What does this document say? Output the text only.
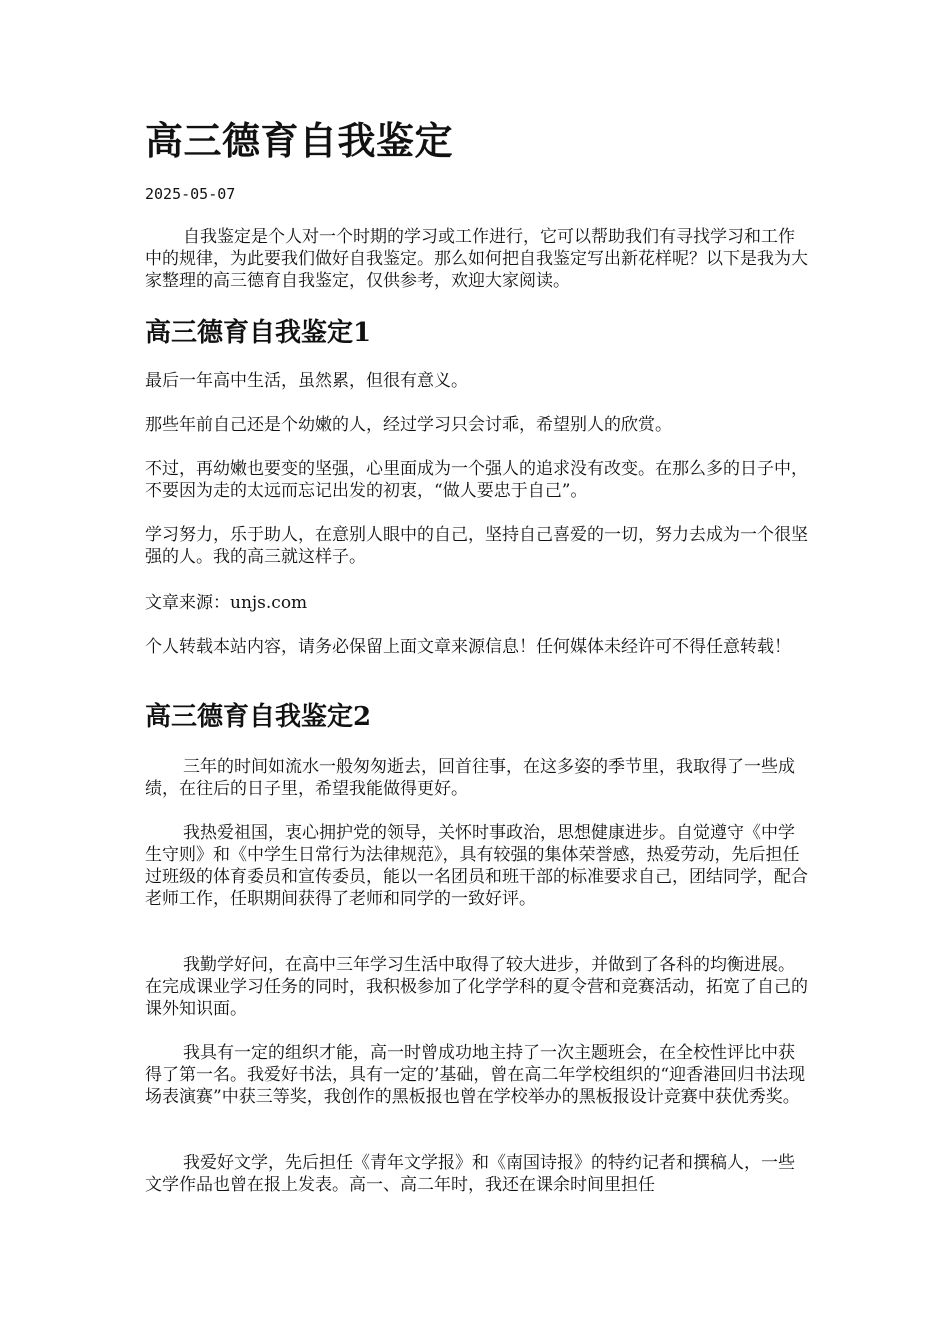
高三德育自我鉴定
2025-05-07

自我鉴定是个人对一个时期的学习或工作进行，它可以帮助我们有寻找学习和工作中的规律，为此要我们做好自我鉴定。那么如何把自我鉴定写出新花样呢？以下是我为大家整理的高三德育自我鉴定，仅供参考，欢迎大家阅读。

高三德育自我鉴定1

最后一年高中生活，虽然累，但很有意义。

那些年前自己还是个幼嫩的人，经过学习只会讨乖，希望别人的欣赏。

不过，再幼嫩也要变的坚强，心里面成为一个强人的追求没有改变。在那么多的日子中，不要因为走的太远而忘记出发的初衷，“做人要忠于自己”。

学习努力，乐于助人，在意别人眼中的自己，坚持自己喜爱的一切，努力去成为一个很坚强的人。我的高三就这样子。

文章来源：unjs.com

个人转载本站内容，请务必保留上面文章来源信息！任何媒体未经许可不得任意转载！

高三德育自我鉴定2

三年的时间如流水一般匆匆逝去，回首往事，在这多姿的季节里，我取得了一些成绩，在往后的日子里，希望我能做得更好。

我热爱祖国，衷心拥护党的领导，关怀时事政治，思想健康进步。自觉遵守《中学生守则》和《中学生日常行为法律规范》，具有较强的集体荣誉感，热爱劳动，先后担任过班级的体育委员和宣传委员，能以一名团员和班干部的标准要求自己，团结同学，配合老师工作，任职期间获得了老师和同学的一致好评。

我勤学好问，在高中三年学习生活中取得了较大进步，并做到了各科的均衡进展。在完成课业学习任务的同时，我积极参加了化学学科的夏令营和竞赛活动，拓宽了自己的课外知识面。

我具有一定的组织才能，高一时曾成功地主持了一次主题班会，在全校性评比中获得了第一名。我爱好书法，具有一定的’基础，曾在高二年学校组织的“迎香港回归书法现场表演赛”中获三等奖，我创作的黑板报也曾在学校举办的黑板报设计竞赛中获优秀奖。

我爱好文学，先后担任《青年文学报》和《南国诗报》的特约记者和撰稿人，一些文学作品也曾在报上发表。高一、高二年时，我还在课余时间里担任
